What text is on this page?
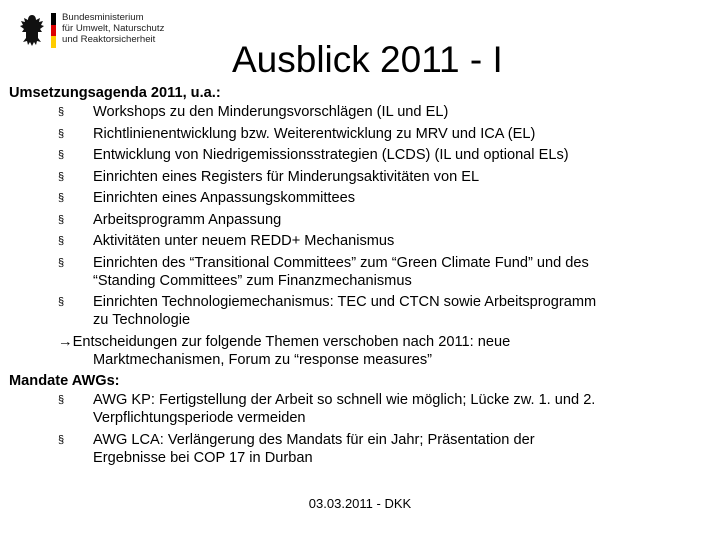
Bundesministerium
für Umwelt, Naturschutz
und Reaktorsicherheit Ausblick 2011 - I
Umsetzungsagenda 2011, u.a.:
§ Workshops zu den Minderungsvorschlägen (IL und EL)
§ Richtlinienentwicklung bzw. Weiterentwicklung zu MRV und ICA (EL)
§ Entwicklung von Niedrigemissionsstrategien (LCDS) (IL und optional ELs)
§ Einrichten eines Registers für Minderungsaktivitäten von EL
§ Einrichten eines Anpassungskommittees
§ Arbeitsprogramm Anpassung
§ Aktivitäten unter neuem REDD+ Mechanismus
§ Einrichten des “Transitional Committees” zum “Green Climate Fund” und des
“Standing Committees” zum Finanzmechanismus
§ Einrichten Technologiemechanismus: TEC und CTCN sowie Arbeitsprogramm
zu Technologie
→Entscheidungen zur folgende Themen verschoben nach 2011: neue
Marktmechanismen, Forum zu “response measures”
Mandate AWGs:
§ AWG KP: Fertigstellung der Arbeit so schnell wie möglich; Lücke zw. 1. und 2.
Verpflichtungsperiode vermeiden
§ AWG LCA: Verlängerung des Mandats für ein Jahr; Präsentation der
Ergebnisse bei COP 17 in Durban
03.03.2011 - DKK
